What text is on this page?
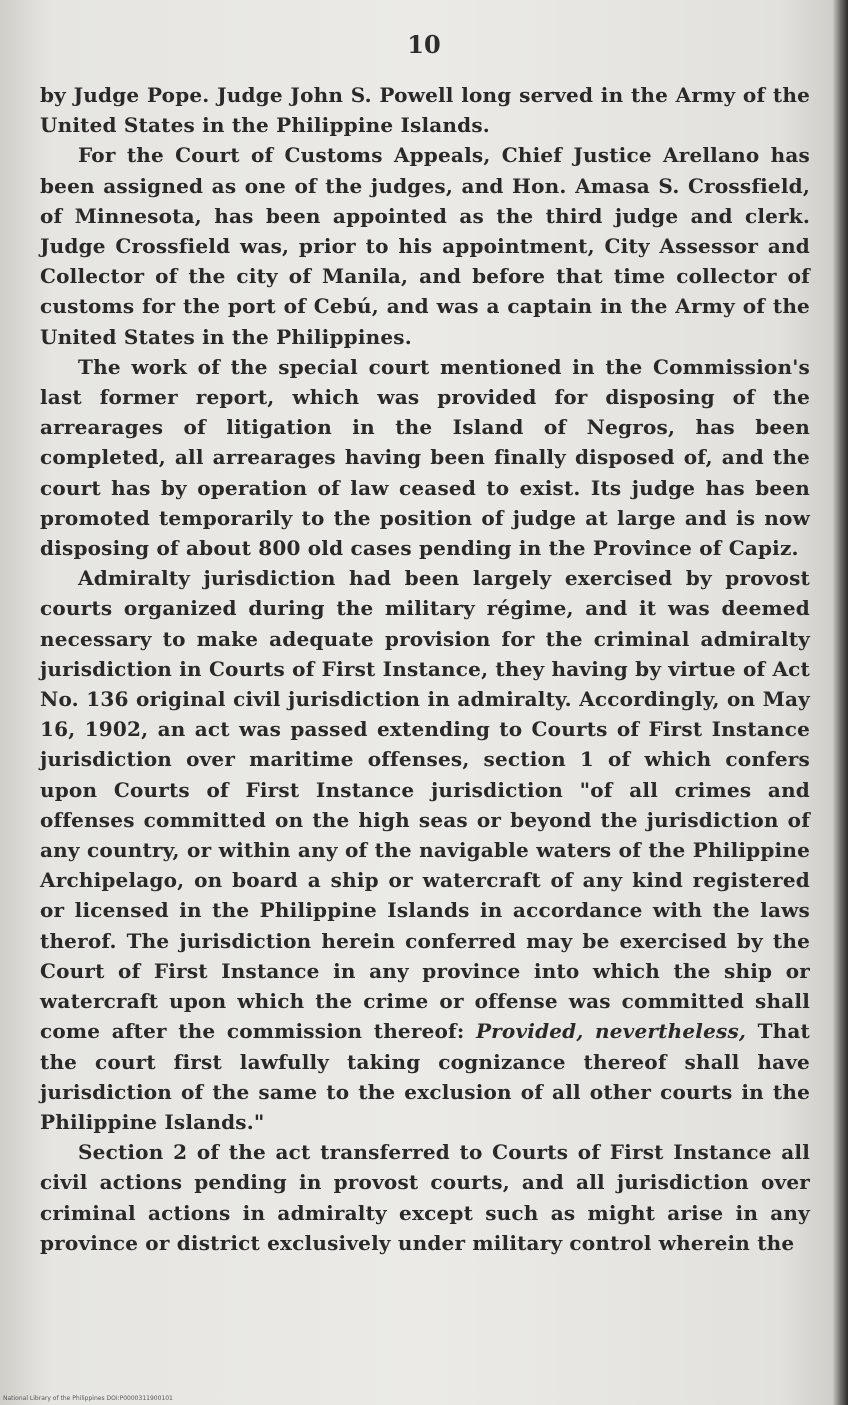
10

by Judge Pope. Judge John S. Powell long served in the Army of the United States in the Philippine Islands.

For the Court of Customs Appeals, Chief Justice Arellano has been assigned as one of the judges, and Hon. Amasa S. Crossfield, of Minnesota, has been appointed as the third judge and clerk. Judge Crossfield was, prior to his appointment, City Assessor and Collector of the city of Manila, and before that time collector of customs for the port of Cebú, and was a captain in the Army of the United States in the Philippines.

The work of the special court mentioned in the Commission's last former report, which was provided for disposing of the arrearages of litigation in the Island of Negros, has been completed, all arrearages having been finally disposed of, and the court has by operation of law ceased to exist. Its judge has been promoted temporarily to the position of judge at large and is now disposing of about 800 old cases pending in the Province of Capiz.

Admiralty jurisdiction had been largely exercised by provost courts organized during the military régime, and it was deemed necessary to make adequate provision for the criminal admiralty jurisdiction in Courts of First Instance, they having by virtue of Act No. 136 original civil jurisdiction in admiralty. Accordingly, on May 16, 1902, an act was passed extending to Courts of First Instance jurisdiction over maritime offenses, section 1 of which confers upon Courts of First Instance jurisdiction "of all crimes and offenses committed on the high seas or beyond the jurisdiction of any country, or within any of the navigable waters of the Philippine Archipelago, on board a ship or watercraft of any kind registered or licensed in the Philippine Islands in accordance with the laws therof. The jurisdiction herein conferred may be exercised by the Court of First Instance in any province into which the ship or watercraft upon which the crime or offense was committed shall come after the commission thereof: Provided, nevertheless, That the court first lawfully taking cognizance thereof shall have jurisdiction of the same to the exclusion of all other courts in the Philippine Islands."

Section 2 of the act transferred to Courts of First Instance all civil actions pending in provost courts, and all jurisdiction over criminal actions in admiralty except such as might arise in any province or district exclusively under military control wherein the

National Library of the Philippines DOI:P0000311900101
